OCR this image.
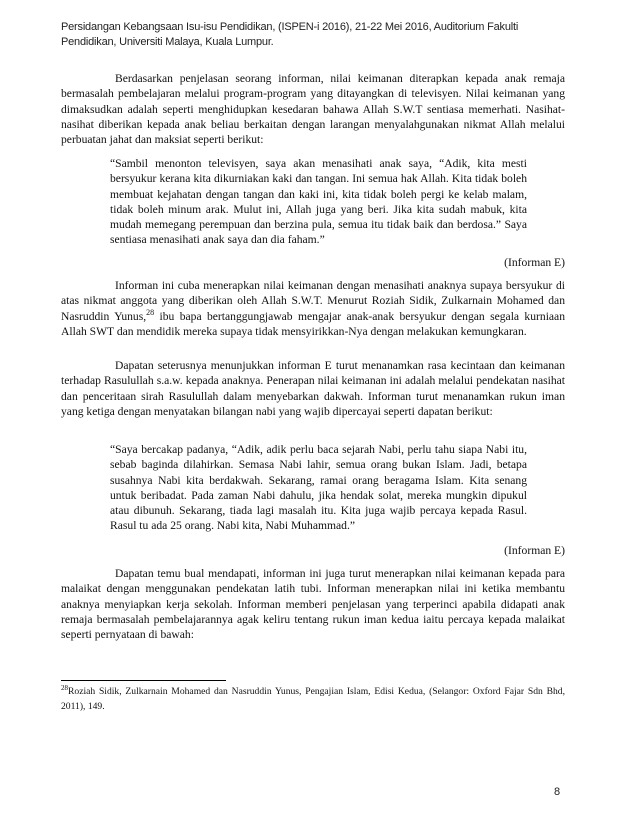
Persidangan Kebangsaan Isu-isu Pendidikan, (ISPEN-i 2016), 21-22 Mei 2016, Auditorium Fakulti
Pendidikan, Universiti Malaya, Kuala Lumpur.

Berdasarkan penjelasan seorang informan, nilai keimanan diterapkan kepada anak remaja bermasalah pembelajaran melalui program-program yang ditayangkan di televisyen. Nilai keimanan yang dimaksudkan adalah seperti menghidupkan kesedaran bahawa Allah S.W.T sentiasa memerhati. Nasihat-nasihat diberikan kepada anak beliau berkaitan dengan larangan menyalahgunakan nikmat Allah melalui perbuatan jahat dan maksiat seperti berikut:

“Sambil menonton televisyen, saya akan menasihati anak saya, “Adik, kita mesti bersyukur kerana kita dikurniakan kaki dan tangan. Ini semua hak Allah. Kita tidak boleh membuat kejahatan dengan tangan dan kaki ini, kita tidak boleh pergi ke kelab malam, tidak boleh minum arak. Mulut ini, Allah juga yang beri. Jika kita sudah mabuk, kita mudah memegang perempuan dan berzina pula, semua itu tidak baik dan berdosa.” Saya sentiasa menasihati anak saya dan dia faham.”

(Informan E)

Informan ini cuba menerapkan nilai keimanan dengan menasihati anaknya supaya bersyukur di atas nikmat anggota yang diberikan oleh Allah S.W.T. Menurut Roziah Sidik, Zulkarnain Mohamed dan Nasruddin Yunus,$^{28}$ ibu bapa bertanggungjawab mengajar anak-anak bersyukur dengan segala kurniaan Allah SWT dan mendidik mereka supaya tidak mensyirikkan-Nya dengan melakukan kemungkaran.

Dapatan seterusnya menunjukkan informan E turut menanamkan rasa kecintaan dan keimanan terhadap Rasulullah s.a.w. kepada anaknya. Penerapan nilai keimanan ini adalah melalui pendekatan nasihat dan penceritaan sirah Rasulullah dalam menyebarkan dakwah. Informan turut menanamkan rukun iman yang ketiga dengan menyatakan bilangan nabi yang wajib dipercayai seperti dapatan berikut:

“Saya bercakap padanya, “Adik, adik perlu baca sejarah Nabi, perlu tahu siapa Nabi itu, sebab baginda dilahirkan. Semasa Nabi lahir, semua orang bukan Islam. Jadi, betapa susahnya Nabi kita berdakwah. Sekarang, ramai orang beragama Islam. Kita senang untuk beribadat. Pada zaman Nabi dahulu, jika hendak solat, mereka mungkin dipukul atau dibunuh. Sekarang, tiada lagi masalah itu. Kita juga wajib percaya kepada Rasul. Rasul tu ada 25 orang. Nabi kita, Nabi Muhammad.”

(Informan E)

Dapatan temu bual mendapati, informan ini juga turut menerapkan nilai keimanan kepada para malaikat dengan menggunakan pendekatan latih tubi. Informan menerapkan nilai ini ketika membantu anaknya menyiapkan kerja sekolah. Informan memberi penjelasan yang terperinci apabila didapati anak remaja bermasalah pembelajarannya agak keliru tentang rukun iman kedua iaitu percaya kepada malaikat seperti pernyataan di bawah:

$^{28}$Roziah Sidik, Zulkarnain Mohamed dan Nasruddin Yunus, Pengajian Islam, Edisi Kedua, (Selangor: Oxford Fajar Sdn Bhd, 2011), 149.

8
